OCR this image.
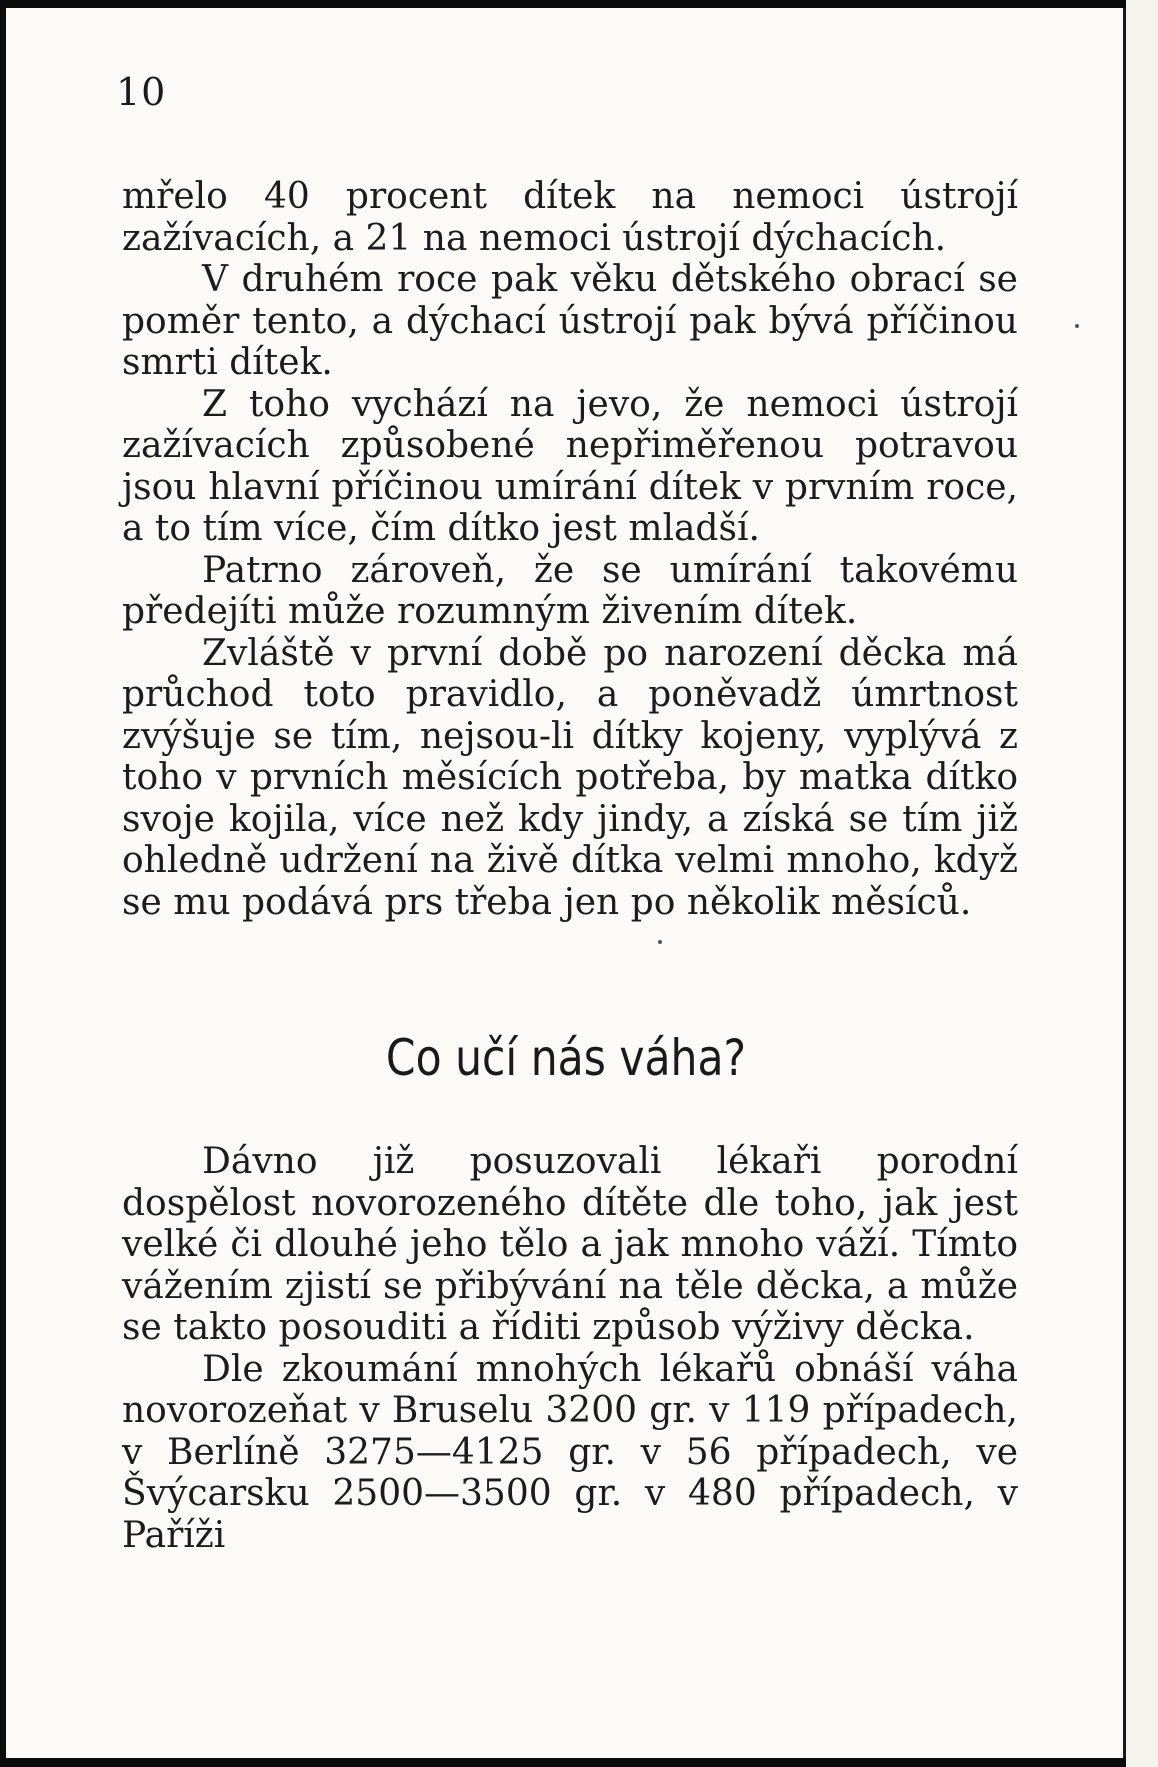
10

mřelo 40 procent dítek na nemoci ústrojí zažívacích, a 21 na nemoci ústrojí dýchacích.

V druhém roce pak věku dětského obrací se poměr tento, a dýchací ústrojí pak bývá příčinou smrti dítek.

Z toho vychází na jevo, že nemoci ústrojí zažívacích způsobené nepřiměřenou potravou jsou hlavní příčinou umírání dítek v prvním roce, a to tím více, čím dítko jest mladší.

Patrno zároveň, že se umírání takovému předejíti může rozumným živením dítek.

Zvláště v první době po narození děcka má průchod toto pravidlo, a poněvadž úmrtnost zvýšuje se tím, nejsou-li dítky kojeny, vyplývá z toho v prvních měsících potřeba, by matka dítko svoje kojila, více než kdy jindy, a získá se tím již ohledně udržení na živě dítka velmi mnoho, když se mu podává prs třeba jen po několik měsíců.

Co učí nás váha?

Dávno již posuzovali lékaři porodní dospělost novorozeného dítěte dle toho, jak jest velké či dlouhé jeho tělo a jak mnoho váží. Tímto vážením zjistí se přibývání na těle děcka, a může se takto posouditi a říditi způsob výživy děcka.

Dle zkoumání mnohých lékařů obnáší váha novorozeňat v Bruselu 3200 gr. v 119 případech, v Berlíně 3275—4125 gr. v 56 případech, ve Švýcarsku 2500—3500 gr. v 480 případech, v Paříži
